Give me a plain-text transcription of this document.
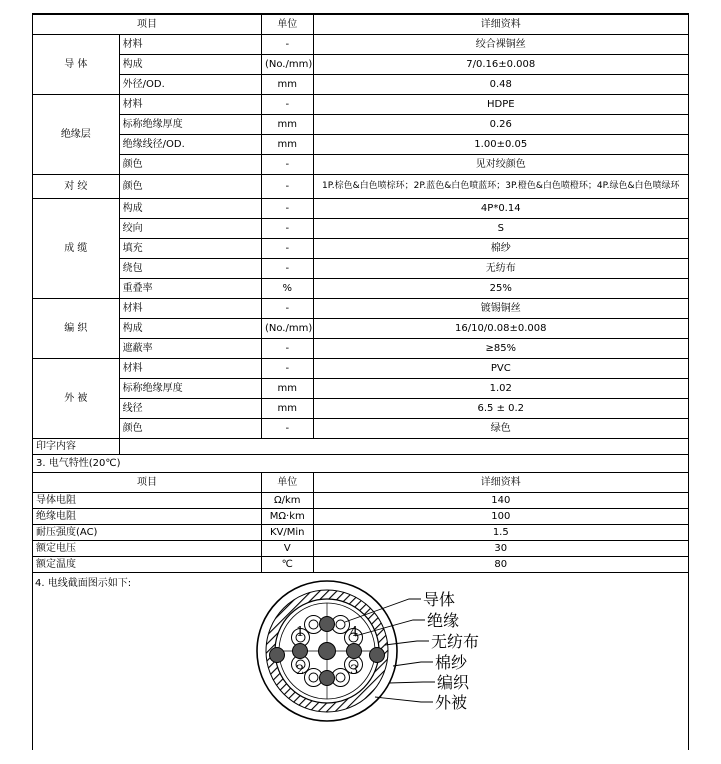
项目		单位	详细资料
导 体	材料	-	绞合裸铜丝
	构成	(No./mm)	7/0.16±0.008
	外径/OD.	mm	0.48
绝缘层	材料	-	HDPE
	标称绝缘厚度	mm	0.26
	绝缘线径/OD.	mm	1.00±0.05
	颜色	-	见对绞颜色
对 绞	颜色	-	1P.棕色&白色喷棕环；2P.蓝色&白色喷蓝环；3P.橙色&白色喷橙环；4P.绿色&白色喷绿环
成 缆	构成	-	4P*0.14
	绞向	-	S
	填充	-	棉纱
	绕包	-	无纺布
	重叠率	%	25%
编 织	材料	-	镀锡铜丝
	构成	(No./mm)	16/10/0.08±0.008
	遮蔽率	-	≥85%
外 被	材料	-	PVC
	标称绝缘厚度	mm	1.02
	线径	mm	6.5 ± 0.2
	颜色	-	绿色
印字内容			
3. 电气特性(20℃)
项目	单位	详细资料
导体电阻	Ω/km	140
绝缘电阻	MΩ·km	100
耐压强度(AC)	KV/Min	1.5
额定电压	V	30
额定温度	℃	80
4. 电线截面图示如下:
1	4
2	3
导体
绝缘
无纺布
棉纱
编织
外被
